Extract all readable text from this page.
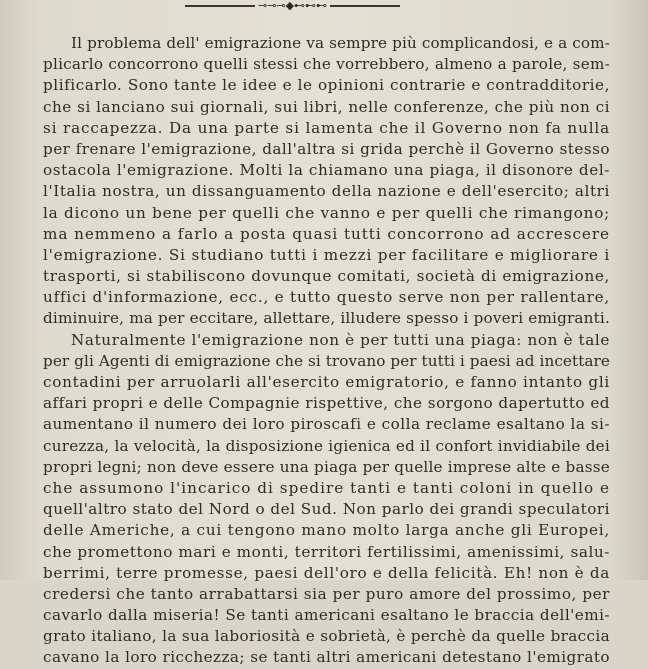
⊸⊸⊸◆⊷⊷⊷
Il problema dell' emigrazione va sempre più complicandosi, e a com-
plicarlo concorrono quelli stessi che vorrebbero, almeno a parole, sem-
plificarlo. Sono tante le idee e le opinioni contrarie e contradditorie,
che si lanciano sui giornali, sui libri, nelle conferenze, che più non ci
si raccapezza. Da una parte si lamenta che il Governo non fa nulla
per frenare l'emigrazione, dall'altra si grida perchè il Governo stesso
ostacola l'emigrazione. Molti la chiamano una piaga, il disonore del-
l'Italia nostra, un dissanguamento della nazione e dell'esercito; altri
la dicono un bene per quelli che vanno e per quelli che rimangono;
ma nemmeno a farlo a posta quasi tutti concorrono ad accrescere
l'emigrazione. Si studiano tutti i mezzi per facilitare e migliorare i
trasporti, si stabiliscono dovunque comitati, società di emigrazione,
uffici d'informazione, ecc., e tutto questo serve non per rallentare,
diminuire, ma per eccitare, allettare, illudere spesso i poveri emigranti.
Naturalmente l'emigrazione non è per tutti una piaga: non è tale
per gli Agenti di emigrazione che si trovano per tutti i paesi ad incettare
contadini per arruolarli all'esercito emigratorio, e fanno intanto gli
affari propri e delle Compagnie rispettive, che sorgono dapertutto ed
aumentano il numero dei loro piroscafi e colla reclame esaltano la si-
curezza, la velocità, la disposizione igienica ed il confort invidiabile dei
propri legni; non deve essere una piaga per quelle imprese alte e basse
che assumono l'incarico di spedire tanti e tanti coloni in quello e
quell'altro stato del Nord o del Sud. Non parlo dei grandi speculatori
delle Americhe, a cui tengono mano molto larga anche gli Europei,
che promettono mari e monti, territori fertilissimi, amenissimi, salu-
berrimi, terre promesse, paesi dell'oro e della felicità. Eh! non è da
credersi che tanto arrabattarsi sia per puro amore del prossimo, per
cavarlo dalla miseria! Se tanti americani esaltano le braccia dell'emi-
grato italiano, la sua laboriosità e sobrietà, è perchè da quelle braccia
cavano la loro ricchezza; se tanti altri americani detestano l'emigrato
